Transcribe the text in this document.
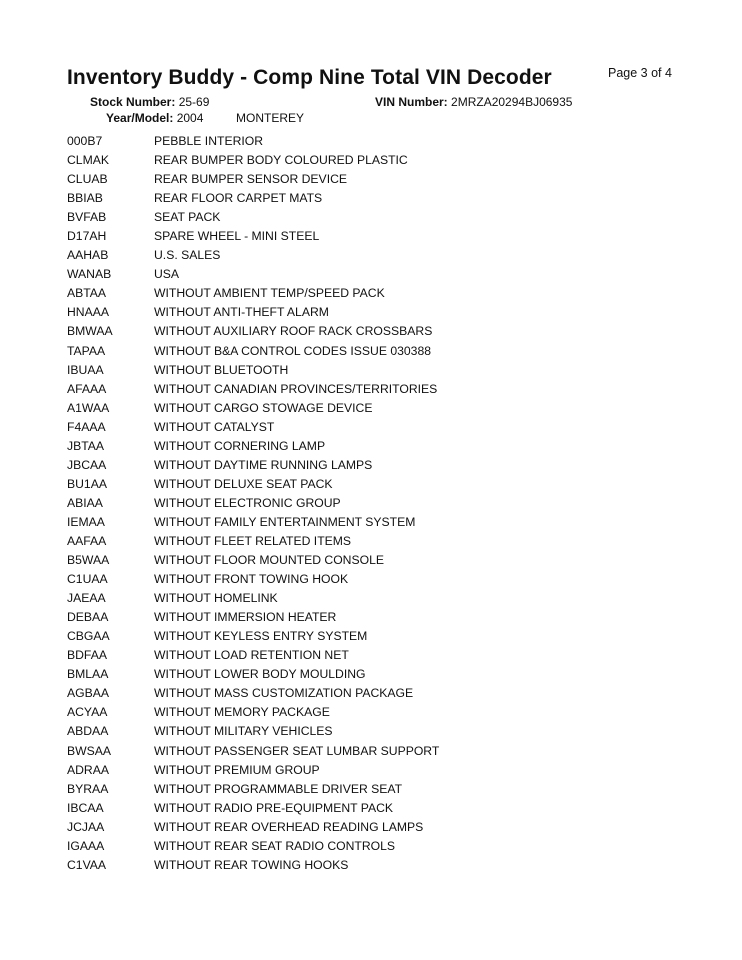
Inventory Buddy - Comp Nine Total VIN Decoder	Page 3 of 4
Stock Number: 25-69	VIN Number: 2MRZA20294BJ06935
Year/Model: 2004	MONTEREY
000B7	PEBBLE INTERIOR
CLMAK	REAR BUMPER BODY COLOURED PLASTIC
CLUAB	REAR BUMPER SENSOR DEVICE
BBIAB	REAR FLOOR CARPET MATS
BVFAB	SEAT PACK
D17AH	SPARE WHEEL - MINI STEEL
AAHAB	U.S. SALES
WANAB	USA
ABTAA	WITHOUT AMBIENT TEMP/SPEED PACK
HNAAA	WITHOUT ANTI-THEFT ALARM
BMWAA	WITHOUT AUXILIARY ROOF RACK CROSSBARS
TAPAA	WITHOUT B&A CONTROL CODES ISSUE 030388
IBUAA	WITHOUT BLUETOOTH
AFAAA	WITHOUT CANADIAN PROVINCES/TERRITORIES
A1WAA	WITHOUT CARGO STOWAGE DEVICE
F4AAA	WITHOUT CATALYST
JBTAA	WITHOUT CORNERING LAMP
JBCAA	WITHOUT DAYTIME RUNNING LAMPS
BU1AA	WITHOUT DELUXE SEAT PACK
ABIAA	WITHOUT ELECTRONIC GROUP
IEMAA	WITHOUT FAMILY ENTERTAINMENT SYSTEM
AAFAA	WITHOUT FLEET RELATED ITEMS
B5WAA	WITHOUT FLOOR MOUNTED CONSOLE
C1UAA	WITHOUT FRONT TOWING HOOK
JAEAA	WITHOUT HOMELINK
DEBAA	WITHOUT IMMERSION HEATER
CBGAA	WITHOUT KEYLESS ENTRY SYSTEM
BDFAA	WITHOUT LOAD RETENTION NET
BMLAA	WITHOUT LOWER BODY MOULDING
AGBAA	WITHOUT MASS CUSTOMIZATION PACKAGE
ACYAA	WITHOUT MEMORY PACKAGE
ABDAA	WITHOUT MILITARY VEHICLES
BWSAA	WITHOUT PASSENGER SEAT LUMBAR SUPPORT
ADRAA	WITHOUT PREMIUM GROUP
BYRAA	WITHOUT PROGRAMMABLE DRIVER SEAT
IBCAA	WITHOUT RADIO PRE-EQUIPMENT PACK
JCJAA	WITHOUT REAR OVERHEAD READING LAMPS
IGAAA	WITHOUT REAR SEAT RADIO CONTROLS
C1VAA	WITHOUT REAR TOWING HOOKS
